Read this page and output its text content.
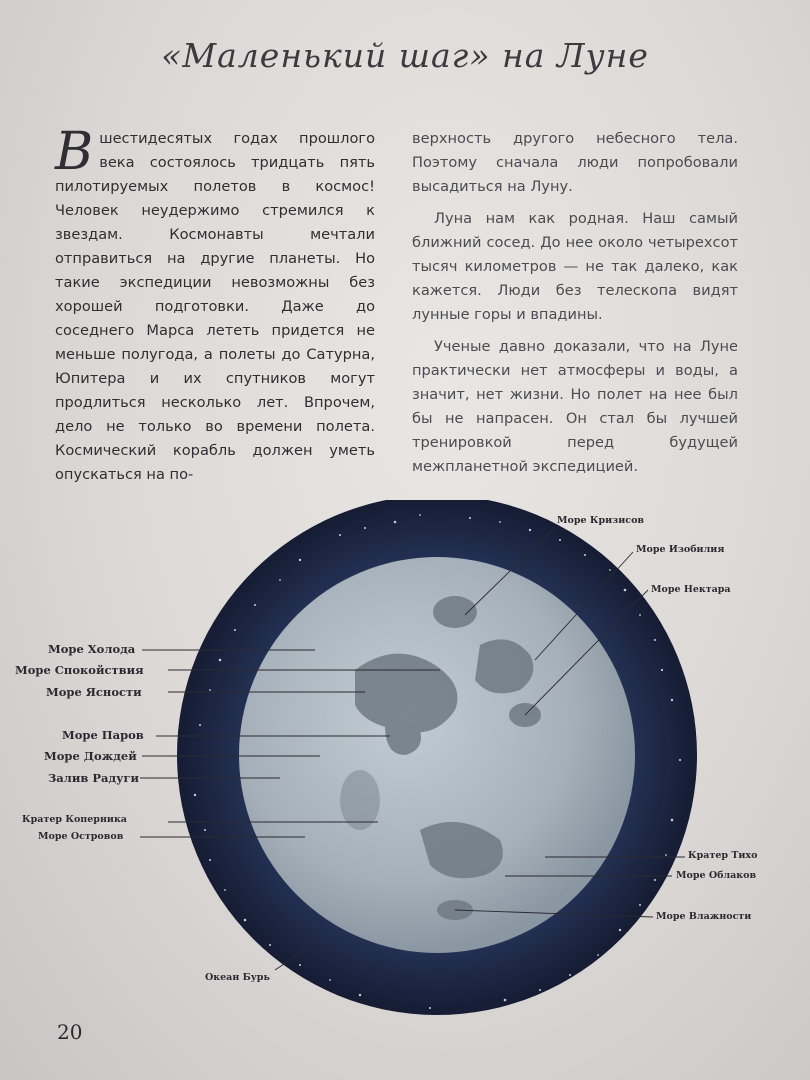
«Маленький шаг» на Луне
Вшестидесятых годах прошлого века состоялось тридцать пять пилотируемых полетов в космос! Человек неудержимо стремился к звездам. Космонавты мечтали отправиться на другие планеты. Но такие экспедиции невозможны без хорошей подготовки. Даже до соседнего Марса лететь придется не меньше полугода, а полеты до Сатурна, Юпитера и их спутников могут продлиться несколько лет. Впрочем, дело не только во времени полета. Космический корабль должен уметь опускаться на по-

верхность другого небесного тела. Поэтому сначала люди попробовали высадиться на Луну.

Луна нам как родная. Наш самый ближний сосед. До нее около четырехсот тысяч километров — не так далеко, как кажется. Люди без телескопа видят лунные горы и впадины.

Ученые давно доказали, что на Луне практически нет атмосферы и воды, а значит, нет жизни. Но полет на нее был бы не напрасен. Он стал бы лучшей тренировкой перед будущей межпланетной экспедицией.

Море Кризисов
Море Изобилия
Море Нектара
Море Холода
Море Спокойствия
Море Ясности
Море Паров
Море Дождей
Залив Радуги
Кратер Коперника
Море Островов
Кратер Тихо
Море Облаков
Море Влажности
Океан Бурь
20
